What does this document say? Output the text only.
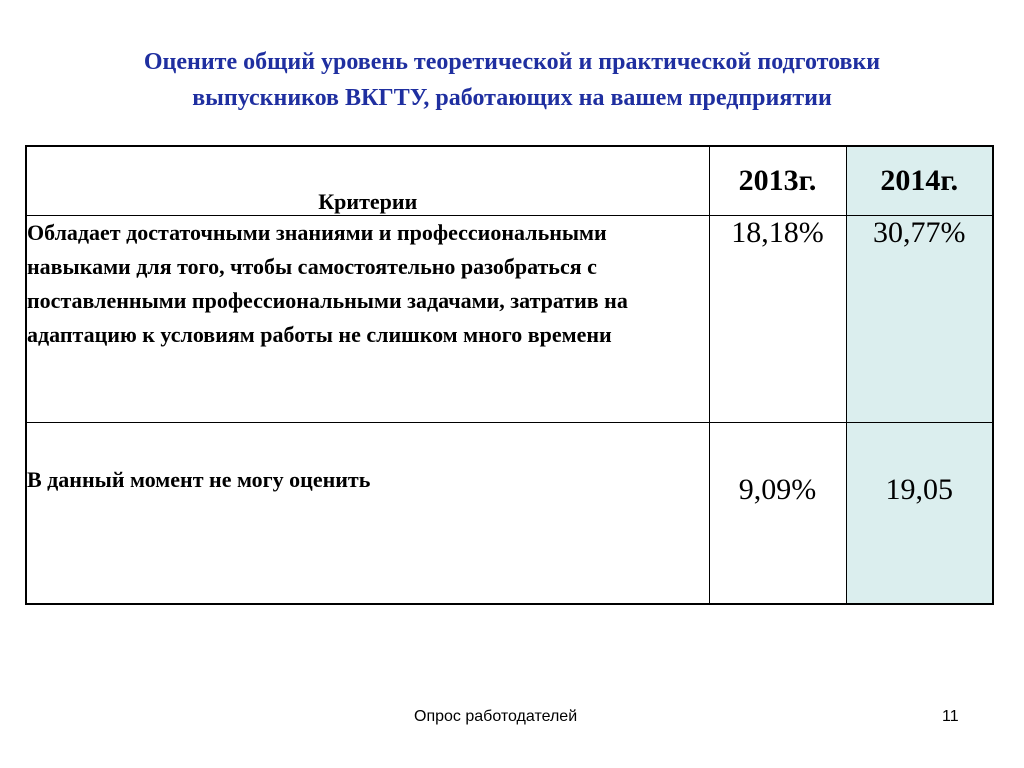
Оцените общий уровень теоретической и практической подготовки
выпускников ВКГТУ, работающих на вашем предприятии
Критерии	2013г.	2014г.
Обладает достаточными знаниями и профессиональными навыками для того, чтобы самостоятельно разобраться с поставленными профессиональными задачами, затратив на адаптацию к условиям работы не слишком много времени	18,18%	30,77%
В данный момент не могу оценить	9,09%	19,05
Опрос работодателей	11
